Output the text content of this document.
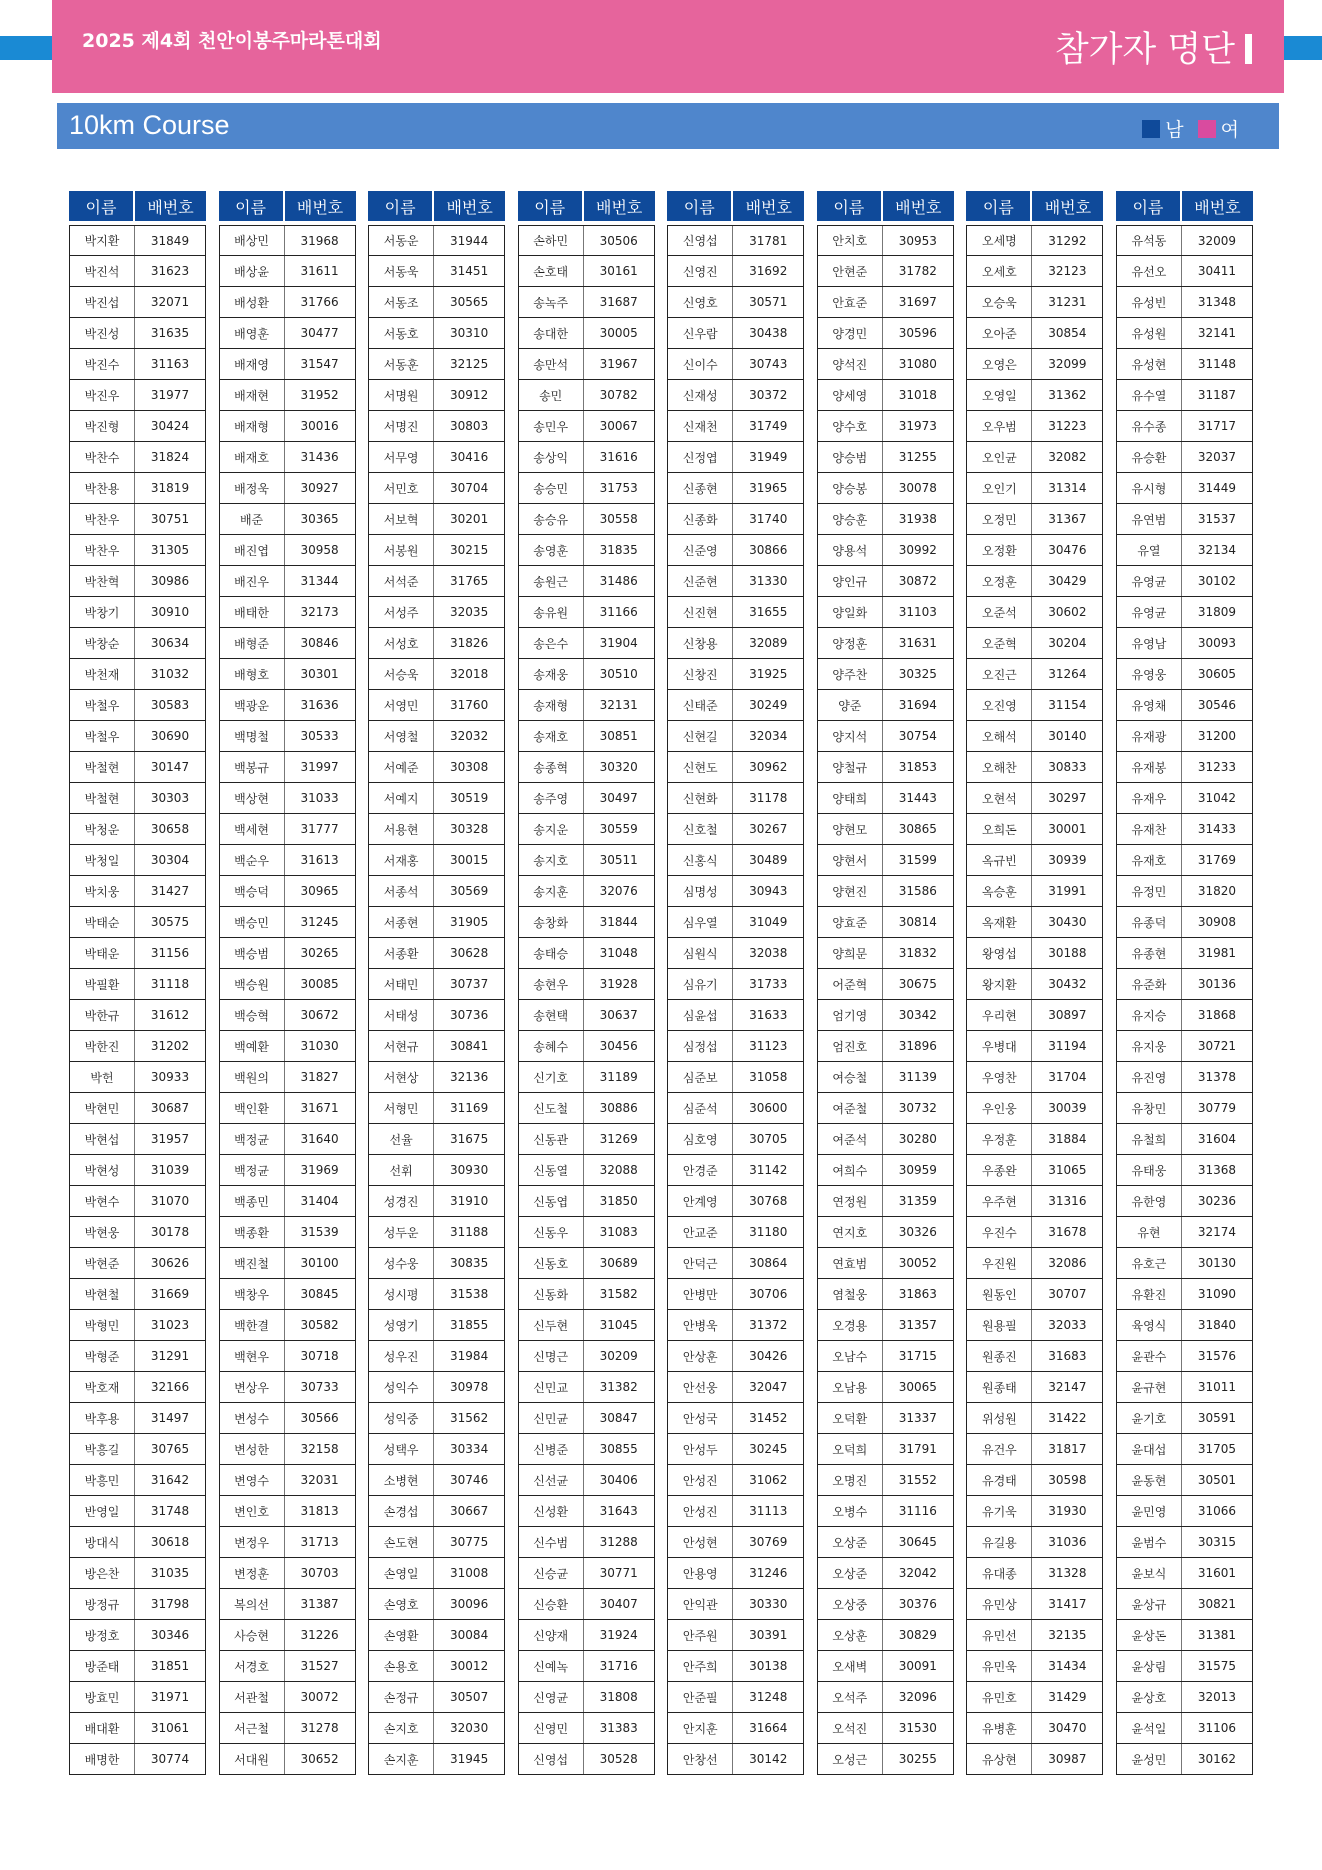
2025 제4회 천안이봉주마라톤대회	참가자 명단
10km Course	남 여
이름	배번호
박지환	31849
박진석	31623
박진섭	32071
박진성	31635
박진수	31163
박진우	31977
박진형	30424
박찬수	31824
박찬용	31819
박찬우	30751
박찬우	31305
박찬혁	30986
박창기	30910
박창순	30634
박천재	31032
박철우	30583
박철우	30690
박철현	30147
박철현	30303
박청운	30658
박청일	30304
박치웅	31427
박태순	30575
박태운	31156
박필환	31118
박한규	31612
박한진	31202
박헌	30933
박현민	30687
박현섭	31957
박현성	31039
박현수	31070
박현웅	30178
박현준	30626
박현철	31669
박형민	31023
박형준	31291
박호재	32166
박후용	31497
박흥길	30765
박흥민	31642
반영일	31748
방대식	30618
방은찬	31035
방정규	31798
방정호	30346
방준태	31851
방효민	31971
배대환	31061
배명한	30774
이름	배번호
배상민	31968
배상윤	31611
배성환	31766
배영훈	30477
배재영	31547
배재현	31952
배재형	30016
배재호	31436
배정욱	30927
배준	30365
배진엽	30958
배진우	31344
배태한	32173
배형준	30846
배형호	30301
백광운	31636
백명철	30533
백봉규	31997
백상현	31033
백세현	31777
백순우	31613
백승덕	30965
백승민	31245
백승범	30265
백승원	30085
백승혁	30672
백예환	31030
백원의	31827
백인환	31671
백정균	31640
백정균	31969
백종민	31404
백종환	31539
백진철	30100
백창우	30845
백한결	30582
백현우	30718
변상우	30733
변성수	30566
변성한	32158
변영수	32031
변인호	31813
변정우	31713
변정훈	30703
복의선	31387
사승현	31226
서경호	31527
서관철	30072
서근철	31278
서대원	30652
이름	배번호
서동운	31944
서동욱	31451
서동조	30565
서동호	30310
서동훈	32125
서명원	30912
서명진	30803
서무영	30416
서민호	30704
서보혁	30201
서봉원	30215
서석준	31765
서성주	32035
서성호	31826
서승욱	32018
서영민	31760
서영철	32032
서예준	30308
서예지	30519
서용현	30328
서재홍	30015
서종석	30569
서종현	31905
서종환	30628
서태민	30737
서태성	30736
서현규	30841
서현상	32136
서형민	31169
선율	31675
선휘	30930
성경진	31910
성두운	31188
성수웅	30835
성시평	31538
성영기	31855
성우진	31984
성익수	30978
성익중	31562
성택우	30334
소병현	30746
손경섭	30667
손도현	30775
손영일	31008
손영호	30096
손영환	30084
손용호	30012
손정규	30507
손지호	32030
손지훈	31945
이름	배번호
손하민	30506
손호태	30161
송녹주	31687
송대한	30005
송만석	31967
송민	30782
송민우	30067
송상익	31616
송승민	31753
송승유	30558
송영훈	31835
송원근	31486
송유원	31166
송은수	31904
송재웅	30510
송재형	32131
송재호	30851
송종혁	30320
송주영	30497
송지운	30559
송지호	30511
송지훈	32076
송창화	31844
송태승	31048
송현우	31928
송현택	30637
송혜수	30456
신기호	31189
신도철	30886
신동관	31269
신동열	32088
신동엽	31850
신동우	31083
신동호	30689
신동화	31582
신두현	31045
신명근	30209
신민교	31382
신민균	30847
신병준	30855
신선균	30406
신성환	31643
신수범	31288
신승균	30771
신승환	30407
신양재	31924
신예녹	31716
신영균	31808
신영민	31383
신영섭	30528
이름	배번호
신영섭	31781
신영진	31692
신영호	30571
신우람	30438
신이수	30743
신재성	30372
신재천	31749
신정엽	31949
신종현	31965
신종화	31740
신준영	30866
신준현	31330
신진현	31655
신창용	32089
신창진	31925
신태준	30249
신현길	32034
신현도	30962
신현화	31178
신호철	30267
신홍식	30489
심명성	30943
심우열	31049
심원식	32038
심유기	31733
심윤섭	31633
심정섭	31123
심준보	31058
심준석	30600
심호영	30705
안경준	31142
안계영	30768
안교준	31180
안덕근	30864
안병만	30706
안병욱	31372
안상훈	30426
안선웅	32047
안성국	31452
안성두	30245
안성진	31062
안성진	31113
안성현	30769
안용영	31246
안익관	30330
안주원	30391
안주희	30138
안준필	31248
안지훈	31664
안창선	30142
이름	배번호
안치호	30953
안현준	31782
안효준	31697
양경민	30596
양석진	31080
양세영	31018
양수호	31973
양승범	31255
양승봉	30078
양승훈	31938
양용석	30992
양인규	30872
양일화	31103
양정훈	31631
양주찬	30325
양준	31694
양지석	30754
양철규	31853
양태희	31443
양현모	30865
양현서	31599
양현진	31586
양효준	30814
양희문	31832
어준혁	30675
엄기영	30342
엄진호	31896
여승철	31139
여준철	30732
여준석	30280
여희수	30959
연정원	31359
연지호	30326
연효범	30052
염철웅	31863
오경용	31357
오남수	31715
오남용	30065
오덕환	31337
오덕희	31791
오명진	31552
오병수	31116
오상준	30645
오상준	32042
오상중	30376
오상훈	30829
오새벽	30091
오석주	32096
오석진	31530
오성근	30255
이름	배번호
오세명	31292
오세호	32123
오승욱	31231
오아준	30854
오영은	32099
오영일	31362
오우범	31223
오인균	32082
오인기	31314
오정민	31367
오정환	30476
오정훈	30429
오준석	30602
오준혁	30204
오진근	31264
오진영	31154
오해석	30140
오해찬	30833
오현석	30297
오희돈	30001
옥규빈	30939
옥승훈	31991
옥재환	30430
왕영섭	30188
왕지환	30432
우리현	30897
우병대	31194
우영찬	31704
우인웅	30039
우정훈	31884
우종완	31065
우주현	31316
우진수	31678
우진원	32086
원동인	30707
원용필	32033
원종진	31683
원종태	32147
위성원	31422
유건우	31817
유경태	30598
유기욱	31930
유길용	31036
유대종	31328
유민상	31417
유민선	32135
유민욱	31434
유민호	31429
유병훈	30470
유상현	30987
이름	배번호
유석동	32009
유선오	30411
유성빈	31348
유성원	32141
유성현	31148
유수열	31187
유수종	31717
유승환	32037
유시형	31449
유연범	31537
유열	32134
유영균	30102
유영균	31809
유영남	30093
유영웅	30605
유영채	30546
유재광	31200
유재봉	31233
유재우	31042
유재찬	31433
유재호	31769
유정민	31820
유종덕	30908
유종현	31981
유준화	30136
유지승	31868
유지웅	30721
유진영	31378
유창민	30779
유철희	31604
유태웅	31368
유한영	30236
유현	32174
유호근	30130
유환진	31090
육영식	31840
윤관수	31576
윤규현	31011
윤기호	30591
윤대섭	31705
윤동현	30501
윤민영	31066
윤범수	30315
윤보식	31601
윤상규	30821
윤상돈	31381
윤상림	31575
윤상호	32013
윤석일	31106
윤성민	30162
